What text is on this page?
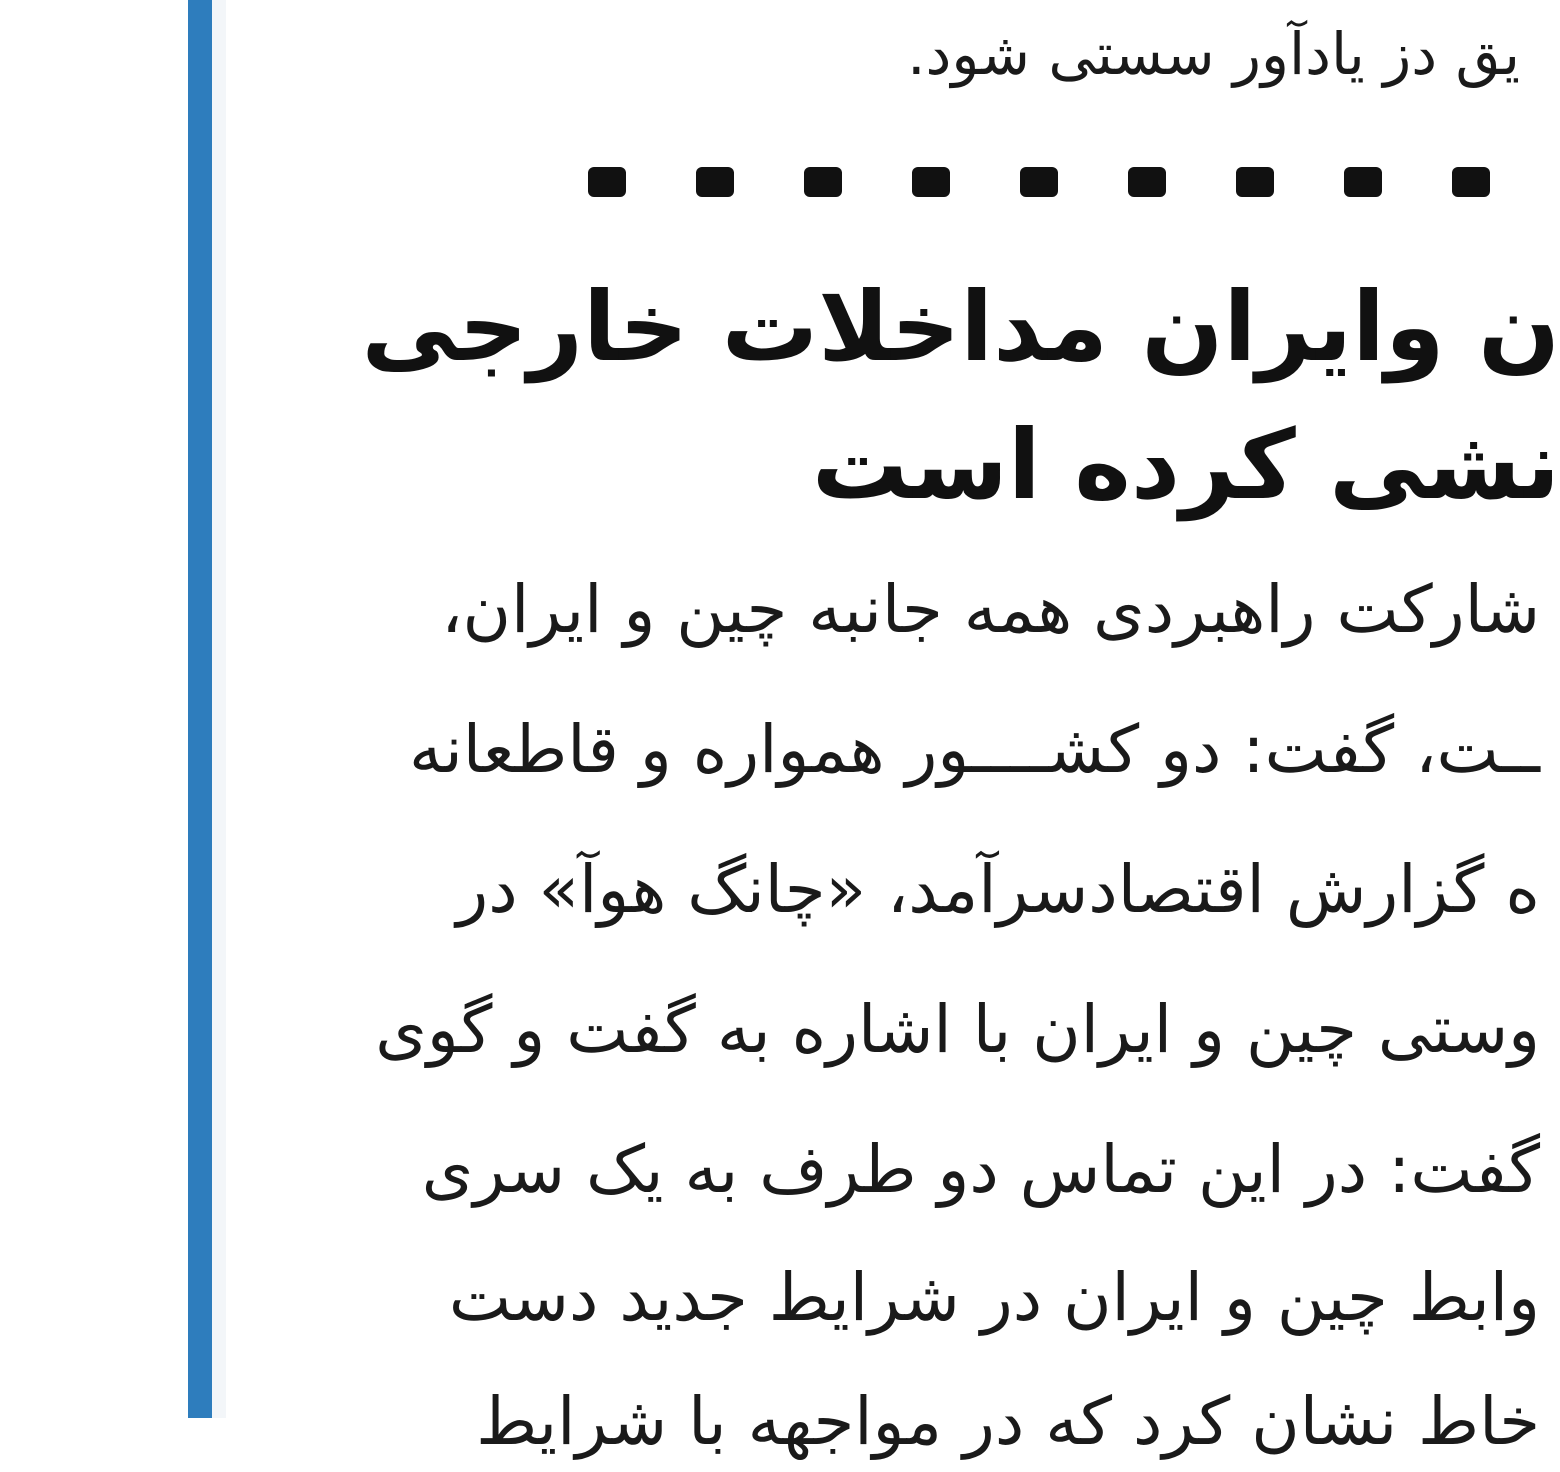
یق دز یادآور سستی شود.
ن وایران مداخلات خارجی
نشی کرده است
شارکت راهبردی همه جانبه چین و ایران،
ــت، گفت: دو کشــــور همواره و قاطعانه
ه گزارش اقتصادسرآمد، «چانگ هوآ» در
وستی چین و ایران با اشاره به گفت و گوی
گفت: در این تماس دو طرف به یک سری
وابط چین و ایران در شرایط جدید دست
خاط نشان کرد که در مواجهه با شرایط
